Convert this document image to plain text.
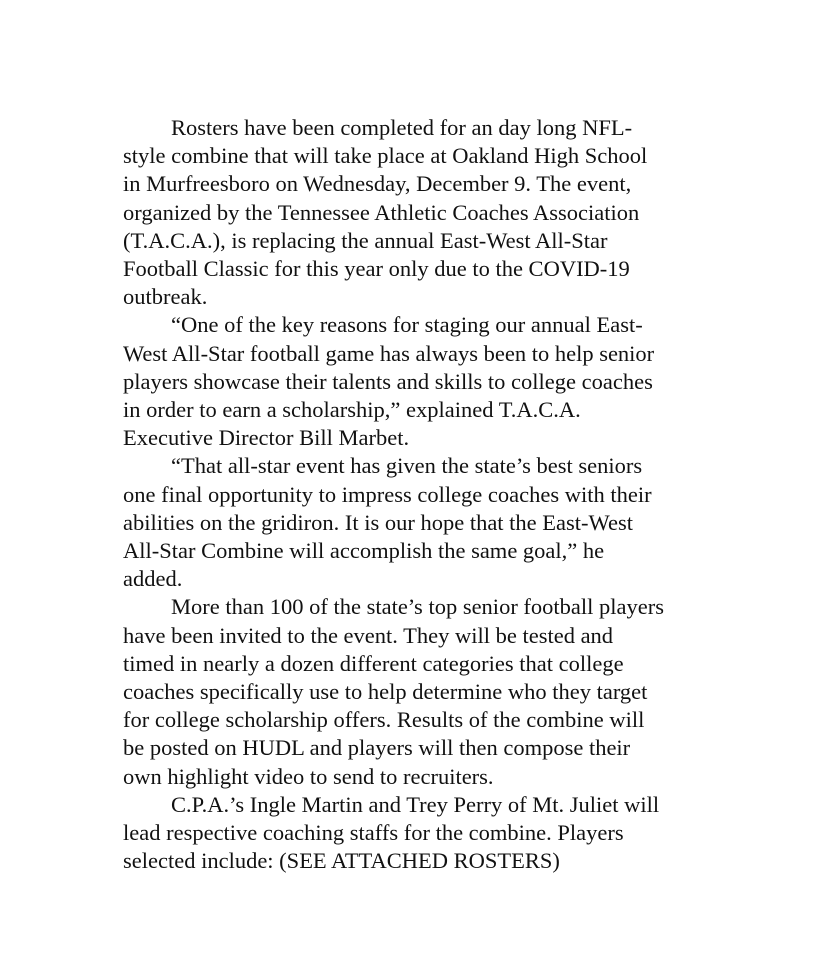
Rosters have been completed for an day long NFL-
style combine that will take place at Oakland High School
in Murfreesboro on Wednesday, December 9. The event,
organized by the Tennessee Athletic Coaches Association
(T.A.C.A.), is replacing the annual East-West All-Star
Football Classic for this year only due to the COVID-19
outbreak.

“One of the key reasons for staging our annual East-
West All-Star football game has always been to help senior
players showcase their talents and skills to college coaches
in order to earn a scholarship,” explained T.A.C.A.
Executive Director Bill Marbet.

“That all-star event has given the state’s best seniors
one final opportunity to impress college coaches with their
abilities on the gridiron. It is our hope that the East-West
All-Star Combine will accomplish the same goal,” he
added.

More than 100 of the state’s top senior football players
have been invited to the event. They will be tested and
timed in nearly a dozen different categories that college
coaches specifically use to help determine who they target
for college scholarship offers. Results of the combine will
be posted on HUDL and players will then compose their
own highlight video to send to recruiters.

C.P.A.’s Ingle Martin and Trey Perry of Mt. Juliet will
lead respective coaching staffs for the combine. Players
selected include: (SEE ATTACHED ROSTERS)
